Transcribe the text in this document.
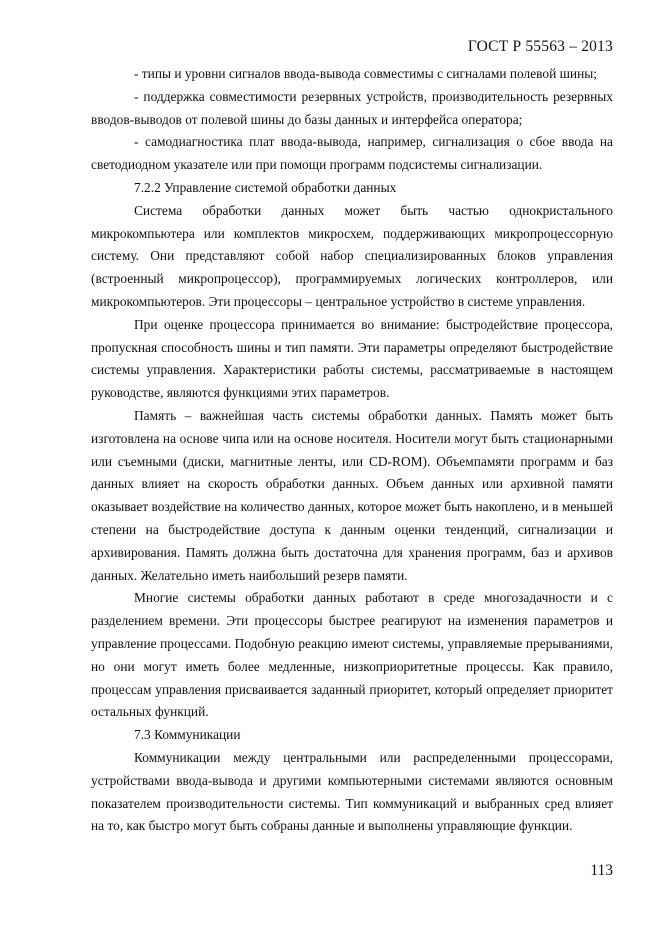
ГОСТ Р 55563 – 2013

- типы и уровни сигналов ввода-вывода совместимы с сигналами полевой шины;

- поддержка совместимости резервных устройств, производительность резервных вводов-выводов от полевой шины до базы данных и интерфейса оператора;

- самодиагностика плат ввода-вывода, например, сигнализация о сбое ввода на светодиодном указателе или при помощи программ подсистемы сигнализации.

7.2.2 Управление системой обработки данных

Система обработки данных может быть частью однокристального микрокомпьютера или комплектов микросхем, поддерживающих микропроцессорную систему. Они представляют собой набор специализированных блоков управления (встроенный микропроцессор), программируемых логических контроллеров, или микрокомпьютеров. Эти процессоры – центральное устройство в системе управления.

При оценке процессора принимается во внимание: быстродействие процессора, пропускная способность шины и тип памяти. Эти параметры определяют быстродействие системы управления. Характеристики работы системы, рассматриваемые в настоящем руководстве, являются функциями этих параметров.

Память – важнейшая часть системы обработки данных. Память может быть изготовлена на основе чипа или на основе носителя. Носители могут быть стационарными или съемными (диски, магнитные ленты, или CD-ROM). Объемпамяти программ и баз данных влияет на скорость обработки данных. Объем данных или архивной памяти оказывает воздействие на количество данных, которое может быть накоплено, и в меньшей степени на быстродействие доступа к данным оценки тенденций, сигнализации и архивирования. Память должна быть достаточна для хранения программ, баз и архивов данных. Желательно иметь наибольший резерв памяти.

Многие системы обработки данных работают в среде многозадачности и с разделением времени. Эти процессоры быстрее реагируют на изменения параметров и управление процессами. Подобную реакцию имеют системы, управляемые прерываниями, но они могут иметь более медленные, низкоприоритетные процессы. Как правило, процессам управления присваивается заданный приоритет, который определяет приоритет остальных функций.

7.3 Коммуникации

Коммуникации между центральными или распределенными процессорами, устройствами ввода-вывода и другими компьютерными системами являются основным показателем производительности системы. Тип коммуникаций и выбранных сред влияет на то, как быстро могут быть собраны данные и выполнены управляющие функции.

113
